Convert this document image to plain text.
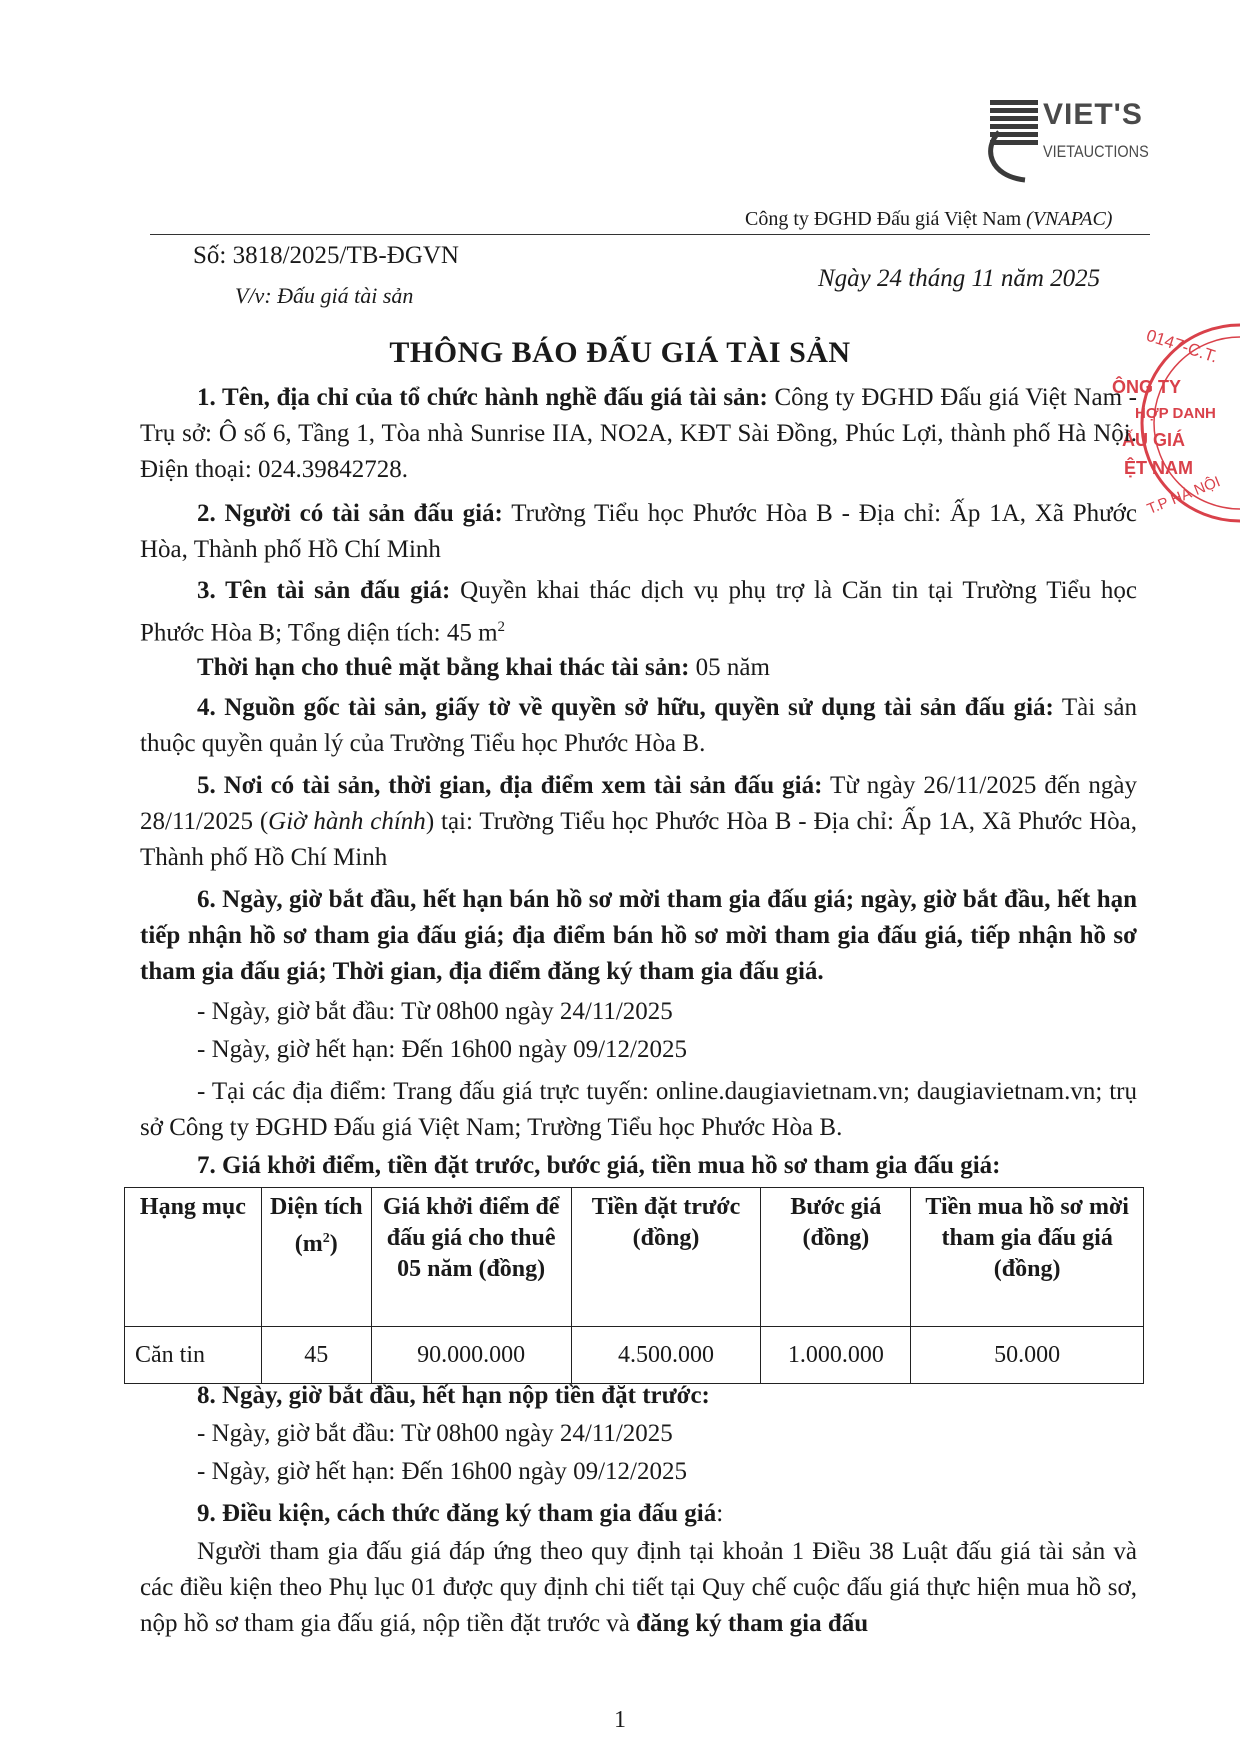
VIET'S
VIETAUCTIONS
Công ty ĐGHD Đấu giá Việt Nam (VNAPAC)
Số: 3818/2025/TB-ĐGVN
V/v: Đấu giá tài sản
Ngày 24 tháng 11 năm 2025
0147-C.T.
ÔNG TY
HỢP DANH
ẤU GIÁ
ỆT NAM
T.P HÀ NỘI
THÔNG BÁO ĐẤU GIÁ TÀI SẢN

1. Tên, địa chỉ của tổ chức hành nghề đấu giá tài sản: Công ty ĐGHD Đấu giá Việt Nam - Trụ sở: Ô số 6, Tầng 1, Tòa nhà Sunrise IIA, NO2A, KĐT Sài Đồng, Phúc Lợi, thành phố Hà Nội. Điện thoại: 024.39842728.

2. Người có tài sản đấu giá: Trường Tiểu học Phước Hòa B - Địa chỉ: Ấp 1A, Xã Phước Hòa, Thành phố Hồ Chí Minh

3. Tên tài sản đấu giá: Quyền khai thác dịch vụ phụ trợ là Căn tin tại Trường Tiểu học Phước Hòa B; Tổng diện tích: 45 $m^2$

Thời hạn cho thuê mặt bằng khai thác tài sản: 05 năm

4. Nguồn gốc tài sản, giấy tờ về quyền sở hữu, quyền sử dụng tài sản đấu giá: Tài sản thuộc quyền quản lý của Trường Tiểu học Phước Hòa B.

5. Nơi có tài sản, thời gian, địa điểm xem tài sản đấu giá: Từ ngày 26/11/2025 đến ngày 28/11/2025 (Giờ hành chính) tại: Trường Tiểu học Phước Hòa B - Địa chỉ: Ấp 1A, Xã Phước Hòa, Thành phố Hồ Chí Minh

6. Ngày, giờ bắt đầu, hết hạn bán hồ sơ mời tham gia đấu giá; ngày, giờ bắt đầu, hết hạn tiếp nhận hồ sơ tham gia đấu giá; địa điểm bán hồ sơ mời tham gia đấu giá, tiếp nhận hồ sơ tham gia đấu giá; Thời gian, địa điểm đăng ký tham gia đấu giá.

- Ngày, giờ bắt đầu: Từ 08h00 ngày 24/11/2025
- Ngày, giờ hết hạn: Đến 16h00 ngày 09/12/2025

- Tại các địa điểm: Trang đấu giá trực tuyến: online.daugiavietnam.vn; daugiavietnam.vn; trụ sở Công ty ĐGHD Đấu giá Việt Nam; Trường Tiểu học Phước Hòa B.

7. Giá khởi điểm, tiền đặt trước, bước giá, tiền mua hồ sơ tham gia đấu giá:

Hạng mục	Diện tích $(m^2)$	Giá khởi điểm để đấu giá cho thuê 05 năm (đồng)	Tiền đặt trước (đồng)	Bước giá (đồng)	Tiền mua hồ sơ mời tham gia đấu giá (đồng)
Căn tin	45	90.000.000	4.500.000	1.000.000	50.000

8. Ngày, giờ bắt đầu, hết hạn nộp tiền đặt trước:

- Ngày, giờ bắt đầu: Từ 08h00 ngày 24/11/2025
- Ngày, giờ hết hạn: Đến 16h00 ngày 09/12/2025

9. Điều kiện, cách thức đăng ký tham gia đấu giá:

Người tham gia đấu giá đáp ứng theo quy định tại khoản 1 Điều 38 Luật đấu giá tài sản và các điều kiện theo Phụ lục 01 được quy định chi tiết tại Quy chế cuộc đấu giá thực hiện mua hồ sơ, nộp hồ sơ tham gia đấu giá, nộp tiền đặt trước và đăng ký tham gia đấu

1
